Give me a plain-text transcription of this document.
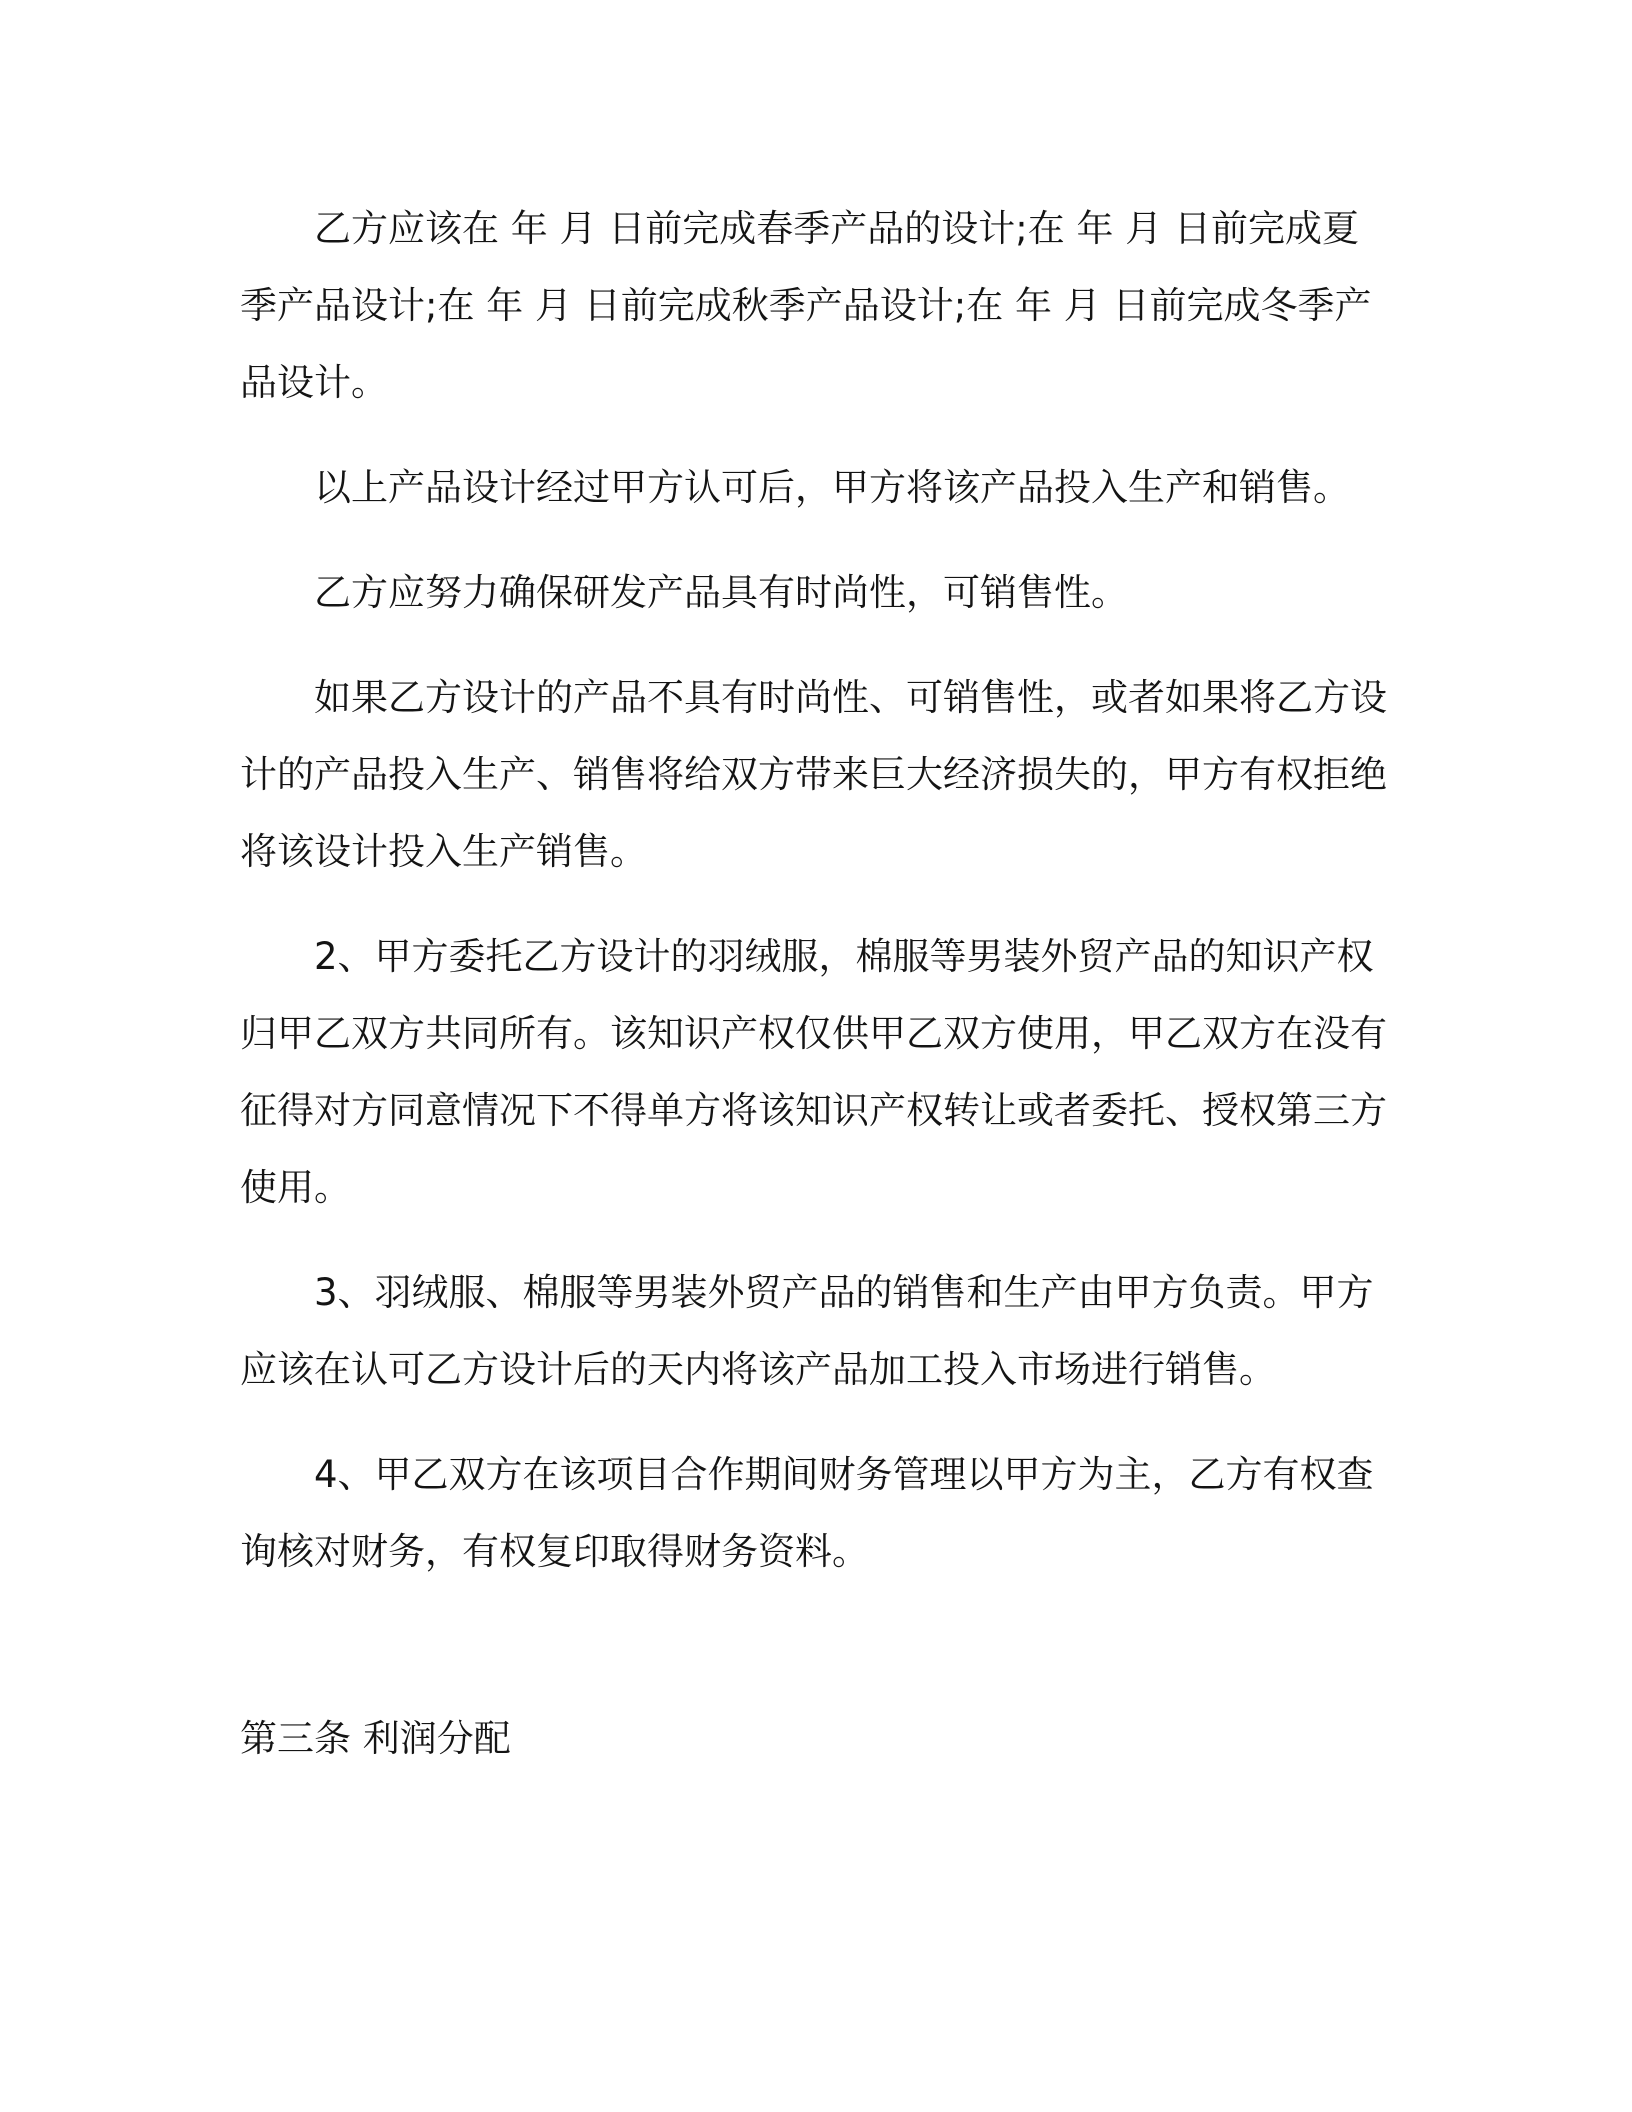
乙方应该在 年 月 日前完成春季产品的设计;在 年 月 日前完成夏季产品设计;在 年 月 日前完成秋季产品设计;在 年 月 日前完成冬季产品设计。

以上产品设计经过甲方认可后，甲方将该产品投入生产和销售。

乙方应努力确保研发产品具有时尚性，可销售性。

如果乙方设计的产品不具有时尚性、可销售性，或者如果将乙方设计的产品投入生产、销售将给双方带来巨大经济损失的，甲方有权拒绝将该设计投入生产销售。

2、甲方委托乙方设计的羽绒服，棉服等男装外贸产品的知识产权归甲乙双方共同所有。该知识产权仅供甲乙双方使用，甲乙双方在没有征得对方同意情况下不得单方将该知识产权转让或者委托、授权第三方使用。

3、羽绒服、棉服等男装外贸产品的销售和生产由甲方负责。甲方应该在认可乙方设计后的天内将该产品加工投入市场进行销售。

4、甲乙双方在该项目合作期间财务管理以甲方为主，乙方有权查询核对财务，有权复印取得财务资料。

第三条 利润分配
